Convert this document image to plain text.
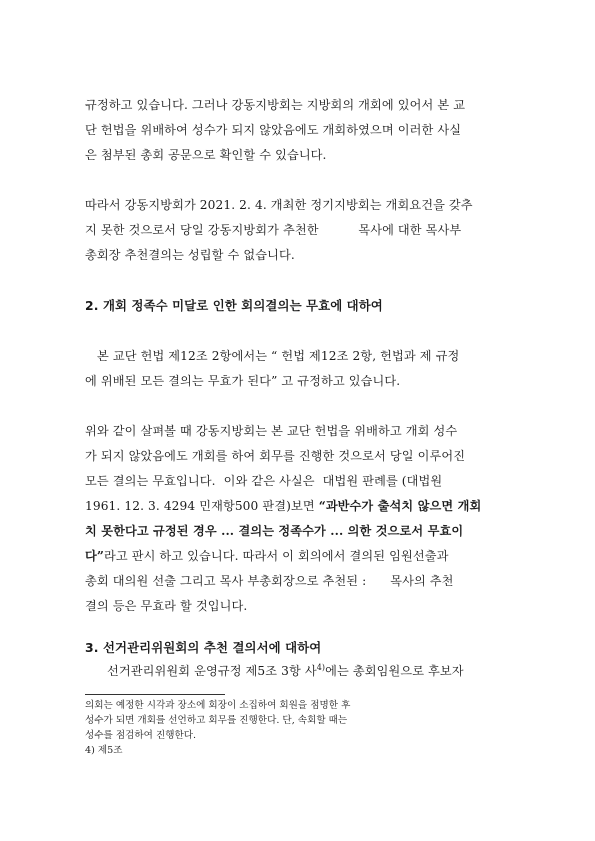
규정하고 있습니다. 그러나 강동지방회는 지방회의 개회에 있어서 본 교
단 헌법을 위배하여 성수가 되지 않았음에도 개회하였으며 이러한 사실
은 첨부된 총회 공문으로 확인할 수 있습니다.
따라서 강동지방회가 2021. 2. 4. 개최한 정기지방회는 개회요건을 갖추
지 못한 것으로서 당일 강동지방회가 추천한          목사에 대한 목사부
총회장 추천결의는 성립할 수 없습니다.
2. 개회 정족수 미달로 인한 회의결의는 무효에 대하여
본 교단 헌법 제12조 2항에서는 “ 헌법 제12조 2항, 헌법과 제 규정
에 위배된 모든 결의는 무효가 된다” 고 규정하고 있습니다.
위와 같이 살펴볼 때 강동지방회는 본 교단 헌법을 위배하고 개회 성수
가 되지 않았음에도 개회를 하여 회무를 진행한 것으로서 당일 이루어진
모든 결의는 무효입니다.  이와 같은 사실은  대법원 판례를 (대법원
1961. 12. 3. 4294 민재항500 판결)보면 “과반수가 출석치 않으면 개회
치 못한다고 규정된 경우 ... 결의는 정족수가 ... 의한 것으로서 무효이
다”라고 판시 하고 있습니다. 따라서 이 회의에서 결의된 임원선출과
총회 대의원 선출 그리고 목사 부총회장으로 추천된 :      목사의 추천
결의 등은 무효라 할 것입니다.
3. 선거관리위원회의 추천 결의서에 대하여
선거관리위원회 운영규정 제5조 3항 사$^{4)}$에는 총회임원으로 후보자
의회는 예정한 시각과 장소에 회장이 소집하여 회원을 점명한 후
성수가 되면 개회를 선언하고 회무를 진행한다. 단, 속회할 때는
성수를 점검하여 진행한다.
4) 제5조
